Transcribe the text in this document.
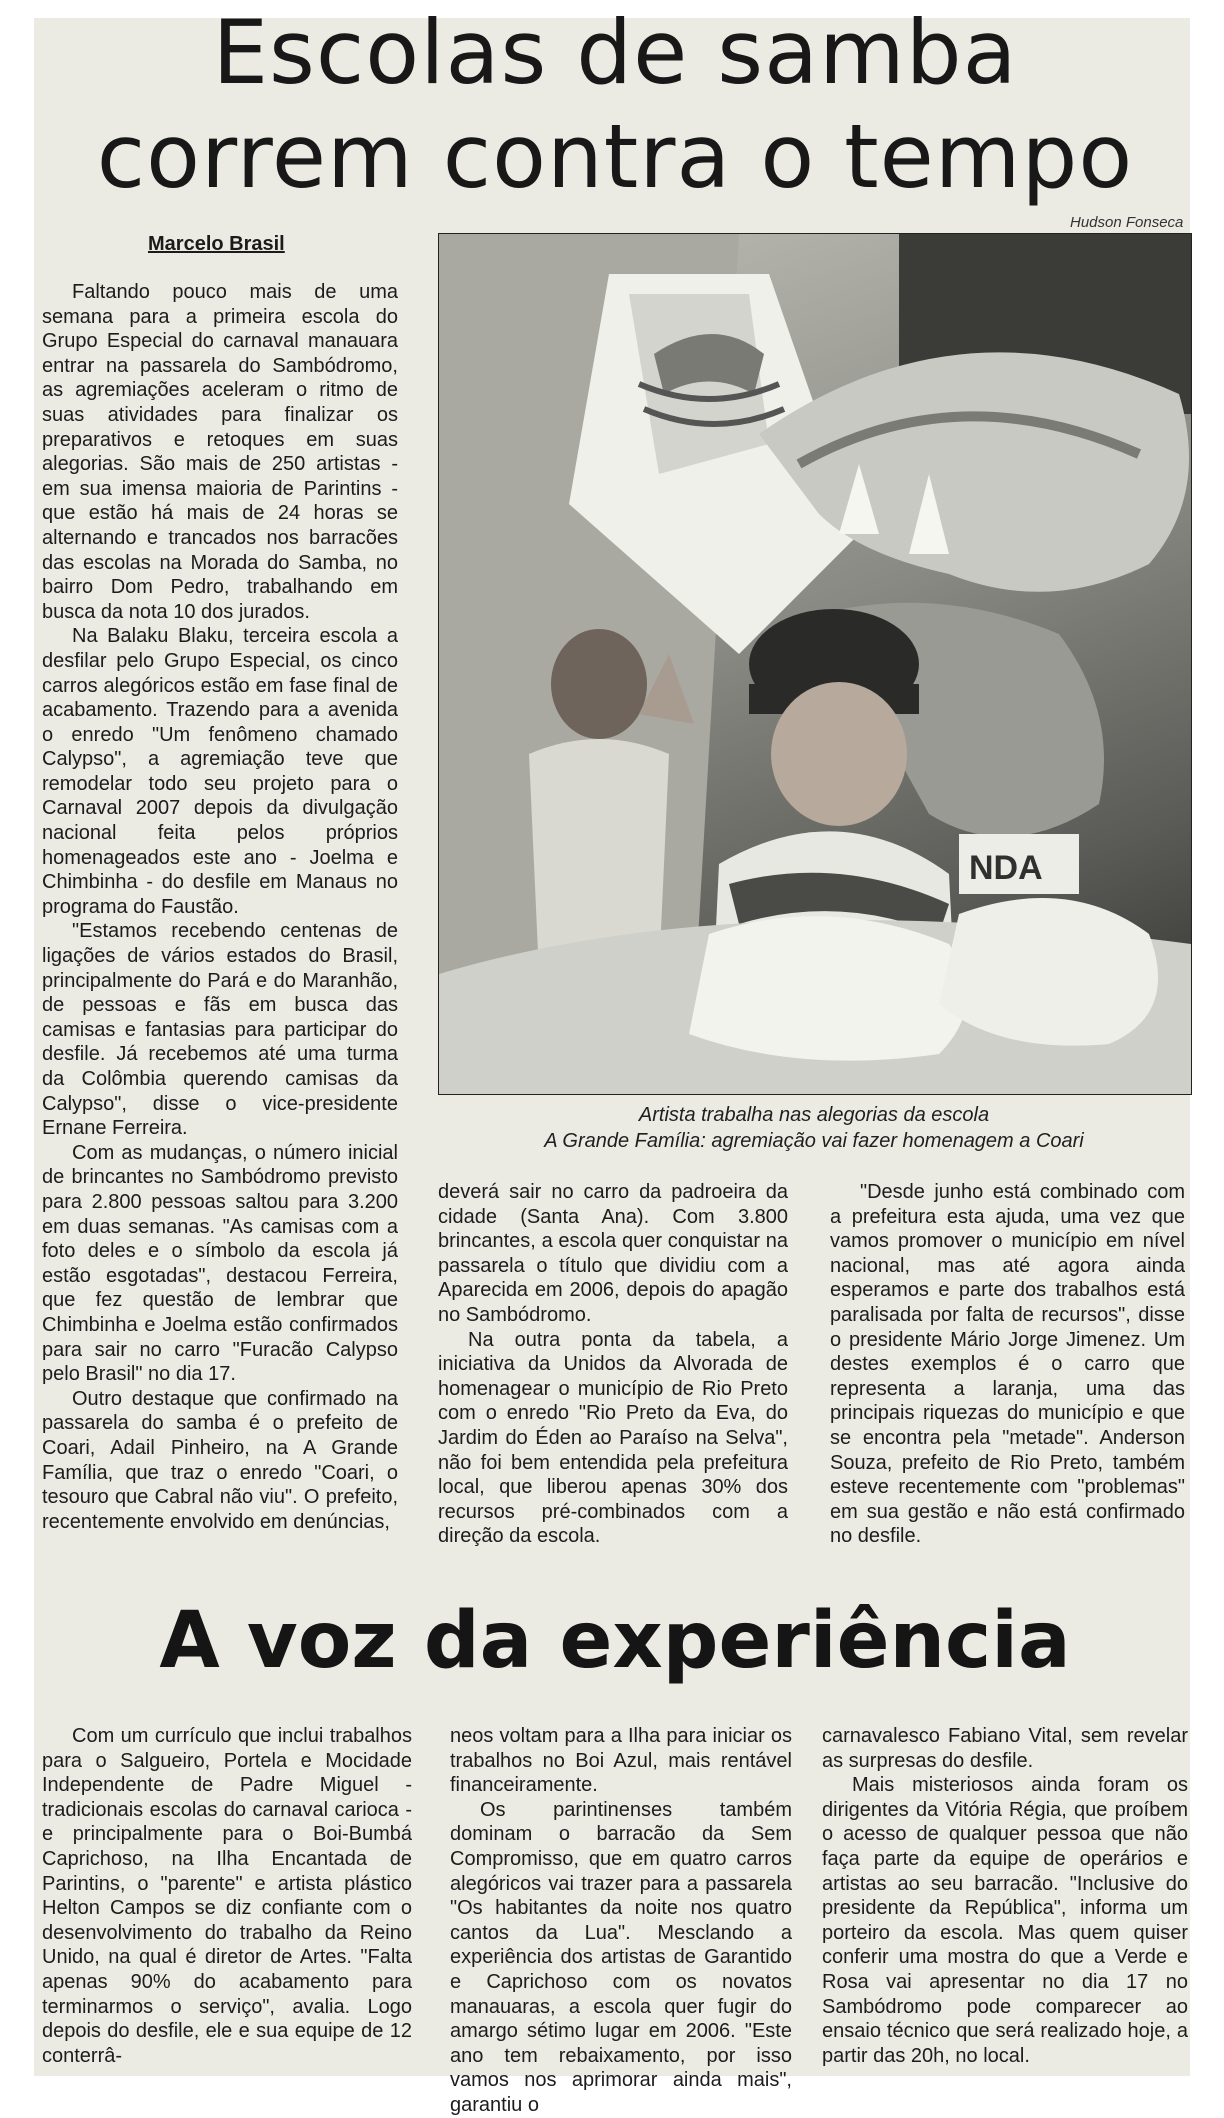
Escolas de samba
correm contra o tempo
Hudson Fonseca
Marcelo Brasil

Faltando pouco mais de uma semana para a primeira escola do Grupo Especial do carnaval manauara entrar na passarela do Sambódromo, as agremiações aceleram o ritmo de suas atividades para finalizar os preparativos e retoques em suas alegorias. São mais de 250 artistas - em sua imensa maioria de Parintins - que estão há mais de 24 horas se alternando e trancados nos barracões das escolas na Morada do Samba, no bairro Dom Pedro, trabalhando em busca da nota 10 dos jurados.

Na Balaku Blaku, terceira escola a desfilar pelo Grupo Especial, os cinco carros alegóricos estão em fase final de acabamento. Trazendo para a avenida o enredo "Um fenômeno chamado Calypso", a agremiação teve que remodelar todo seu projeto para o Carnaval 2007 depois da divulgação nacional feita pelos próprios homenageados este ano - Joelma e Chimbinha - do desfile em Manaus no programa do Faustão.

"Estamos recebendo centenas de ligações de vários estados do Brasil, principalmente do Pará e do Maranhão, de pessoas e fãs em busca das camisas e fantasias para participar do desfile. Já recebemos até uma turma da Colômbia querendo camisas da Calypso", disse o vice-presidente Ernane Ferreira.

Com as mudanças, o número inicial de brincantes no Sambódromo previsto para 2.800 pessoas saltou para 3.200 em duas semanas. "As camisas com a foto deles e o símbolo da escola já estão esgotadas", destacou Ferreira, que fez questão de lembrar que Chimbinha e Joelma estão confirmados para sair no carro "Furacão Calypso pelo Brasil" no dia 17.

Outro destaque que confirmado na passarela do samba é o prefeito de Coari, Adail Pinheiro, na A Grande Família, que traz o enredo "Coari, o tesouro que Cabral não viu". O prefeito, recentemente envolvido em denúncias,

NDA
Artista trabalha nas alegorias da escola
A Grande Família: agremiação vai fazer homenagem a Coari

deverá sair no carro da padroeira da cidade (Santa Ana). Com 3.800 brincantes, a escola quer conquistar na passarela o título que dividiu com a Aparecida em 2006, depois do apagão no Sambódromo.

Na outra ponta da tabela, a iniciativa da Unidos da Alvorada de homenagear o município de Rio Preto com o enredo "Rio Preto da Eva, do Jardim do Éden ao Paraíso na Selva", não foi bem entendida pela prefeitura local, que liberou apenas 30% dos recursos pré-combinados com a direção da escola.

"Desde junho está combinado com a prefeitura esta ajuda, uma vez que vamos promover o município em nível nacional, mas até agora ainda esperamos e parte dos trabalhos está paralisada por falta de recursos", disse o presidente Mário Jorge Jimenez. Um destes exemplos é o carro que representa a laranja, uma das principais riquezas do município e que se encontra pela "metade". Anderson Souza, prefeito de Rio Preto, também esteve recentemente com "problemas" em sua gestão e não está confirmado no desfile.

A voz da experiência

Com um currículo que inclui trabalhos para o Salgueiro, Portela e Mocidade Independente de Padre Miguel - tradicionais escolas do carnaval carioca - e principalmente para o Boi-Bumbá Caprichoso, na Ilha Encantada de Parintins, o "parente" e artista plástico Helton Campos se diz confiante com o desenvolvimento do trabalho da Reino Unido, na qual é diretor de Artes. "Falta apenas 90% do acabamento para terminarmos o serviço", avalia. Logo depois do desfile, ele e sua equipe de 12 conterrâ-

neos voltam para a Ilha para iniciar os trabalhos no Boi Azul, mais rentável financeiramente.

Os parintinenses também dominam o barracão da Sem Compromisso, que em quatro carros alegóricos vai trazer para a passarela "Os habitantes da noite nos quatro cantos da Lua". Mesclando a experiência dos artistas de Garantido e Caprichoso com os novatos manauaras, a escola quer fugir do amargo sétimo lugar em 2006. "Este ano tem rebaixamento, por isso vamos nos aprimorar ainda mais", garantiu o

carnavalesco Fabiano Vital, sem revelar as surpresas do desfile.

Mais misteriosos ainda foram os dirigentes da Vitória Régia, que proíbem o acesso de qualquer pessoa que não faça parte da equipe de operários e artistas ao seu barracão. "Inclusive do presidente da República", informa um porteiro da escola. Mas quem quiser conferir uma mostra do que a Verde e Rosa vai apresentar no dia 17 no Sambódromo pode comparecer ao ensaio técnico que será realizado hoje, a partir das 20h, no local.
